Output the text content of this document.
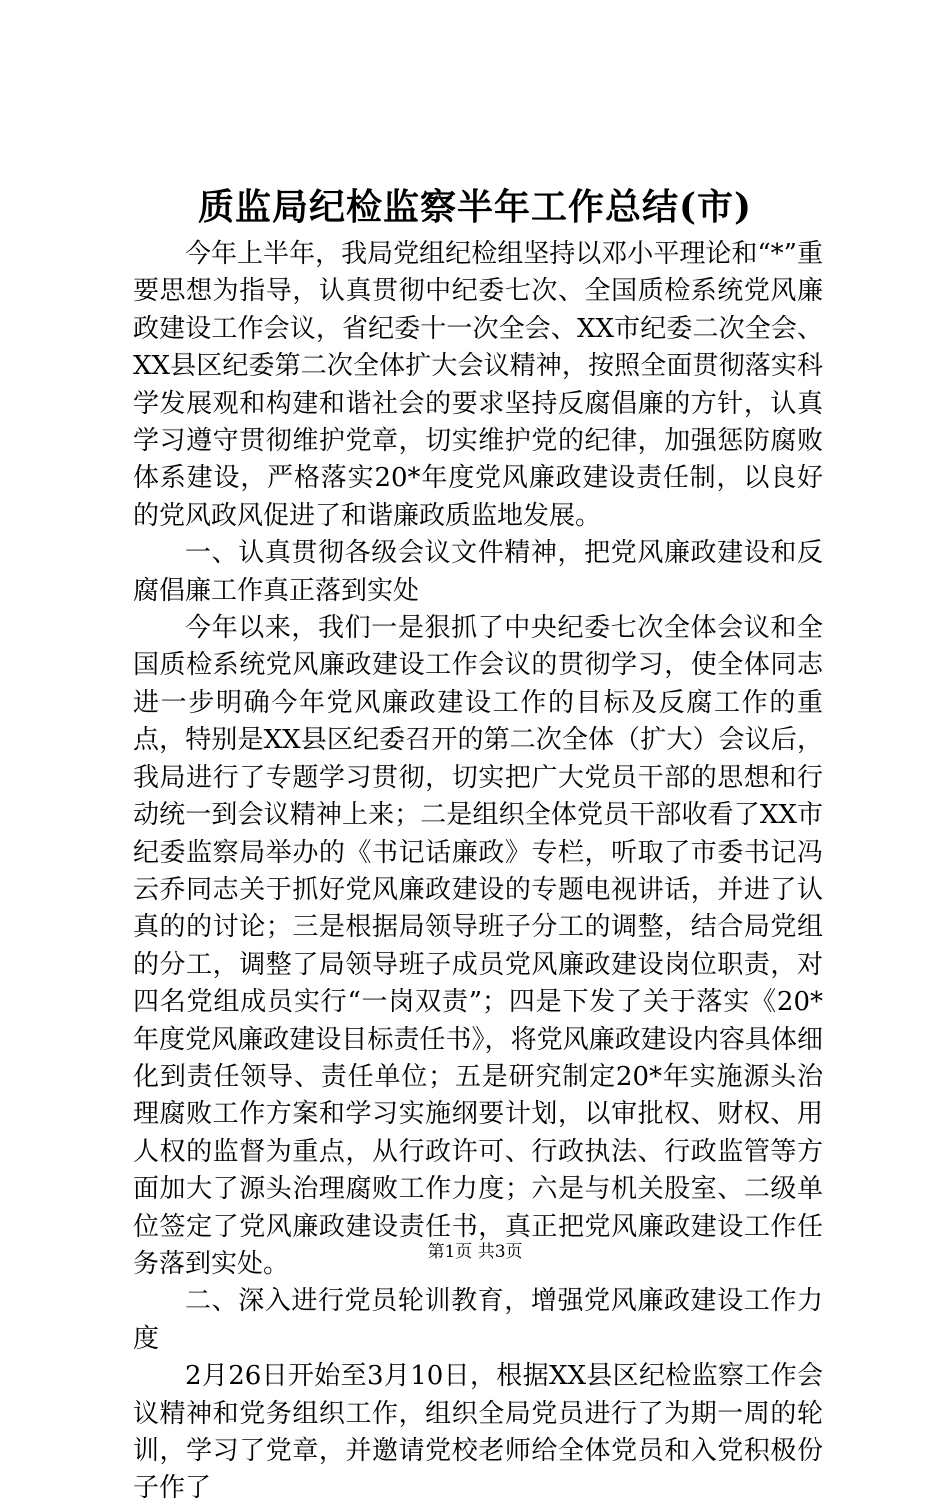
质监局纪检监察半年工作总结(市)

今年上半年，我局党组纪检组坚持以邓小平理论和“*”重要思想为指导，认真贯彻中纪委七次、全国质检系统党风廉政建设工作会议，省纪委十一次全会、XX市纪委二次全会、XX县区纪委第二次全体扩大会议精神，按照全面贯彻落实科学发展观和构建和谐社会的要求坚持反腐倡廉的方针，认真学习遵守贯彻维护党章，切实维护党的纪律，加强惩防腐败体系建设，严格落实20*年度党风廉政建设责任制，以良好的党风政风促进了和谐廉政质监地发展。

一、认真贯彻各级会议文件精神，把党风廉政建设和反腐倡廉工作真正落到实处

今年以来，我们一是狠抓了中央纪委七次全体会议和全国质检系统党风廉政建设工作会议的贯彻学习，使全体同志进一步明确今年党风廉政建设工作的目标及反腐工作的重点，特别是XX县区纪委召开的第二次全体（扩大）会议后，我局进行了专题学习贯彻，切实把广大党员干部的思想和行动统一到会议精神上来；二是组织全体党员干部收看了XX市纪委监察局举办的《书记话廉政》专栏，听取了市委书记冯云乔同志关于抓好党风廉政建设的专题电视讲话，并进了认真的的讨论；三是根据局领导班子分工的调整，结合局党组的分工，调整了局领导班子成员党风廉政建设岗位职责，对四名党组成员实行“一岗双责”；四是下发了关于落实《20*年度党风廉政建设目标责任书》，将党风廉政建设内容具体细化到责任领导、责任单位；五是研究制定20*年实施源头治理腐败工作方案和学习实施纲要计划，以审批权、财权、用人权的监督为重点，从行政许可、行政执法、行政监管等方面加大了源头治理腐败工作力度；六是与机关股室、二级单位签定了党风廉政建设责任书，真正把党风廉政建设工作任务落到实处。

二、深入进行党员轮训教育，增强党风廉政建设工作力度

2月26日开始至3月10日，根据XX县区纪检监察工作会议精神和党务组织工作，组织全局党员进行了为期一周的轮训，学习了党章，并邀请党校老师给全体党员和入党积极份子作了

第1页 共3页
